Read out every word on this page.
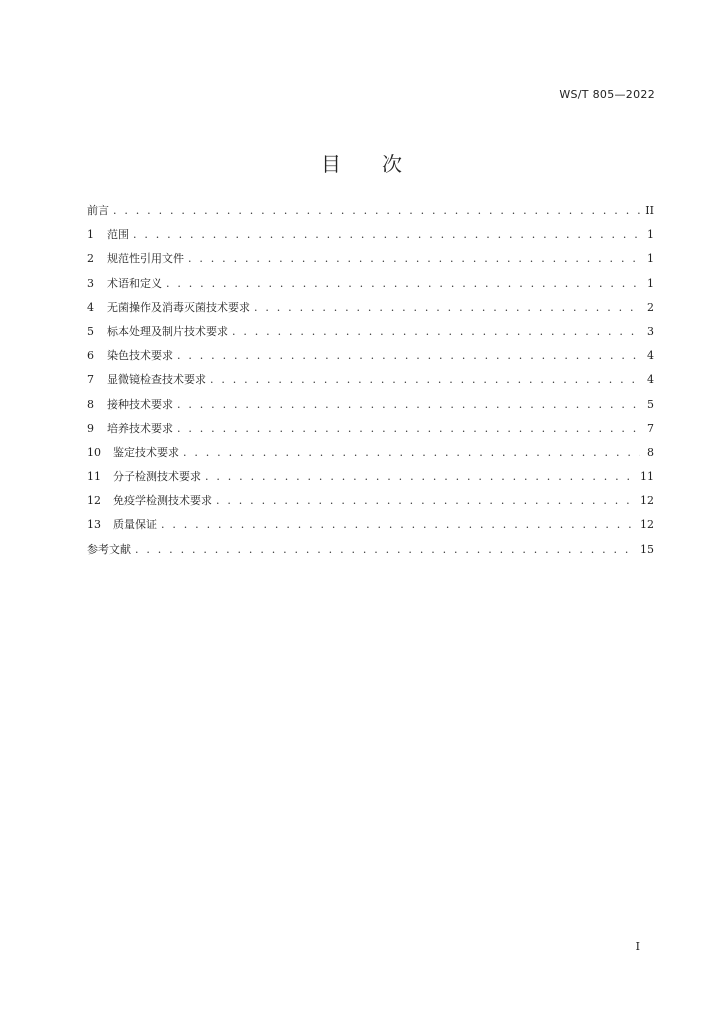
WS/T 805—2022
目 次
前言 . . .	II
1	范围 . . .	1
2	规范性引用文件 . . .	1
3	术语和定义 . . .	1
4	无菌操作及消毒灭菌技术要求 . . .	2
5	标本处理及制片技术要求 . . .	3
6	染色技术要求 . . .	4
7	显微镜检查技术要求 . . .	4
8	接种技术要求 . . .	5
9	培养技术要求 . . .	7
10	鉴定技术要求 . . .	8
11	分子检测技术要求 . . .	11
12	免疫学检测技术要求 . . .	12
13	质量保证 . . .	12
参考文献 . . .	15
I
